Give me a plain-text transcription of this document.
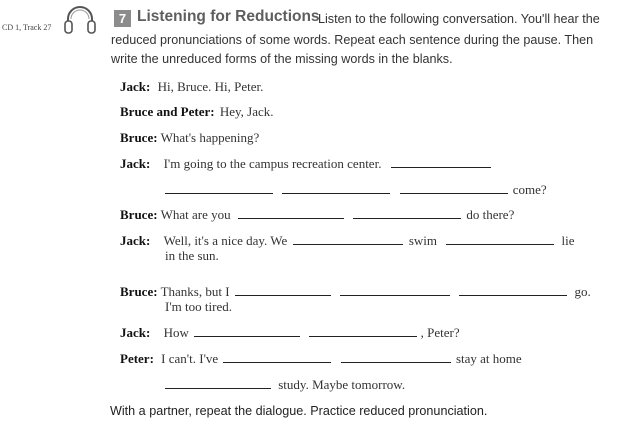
CD 1, Track 27
7 Listening for Reductions
Listen to the following conversation. You'll hear the
reduced pronunciations of some words. Repeat each sentence during the pause. Then
write the unreduced forms of the missing words in the blanks.
Jack: Hi, Bruce. Hi, Peter.
Bruce and Peter: Hey, Jack.
Bruce: What's happening?
Jack: I'm going to the campus recreation center.
come?
Bruce: What are you	do there?
Jack: Well, it's a nice day. We	swim	lie
in the sun.
Bruce: Thanks, but I	go.
I'm too tired.
Jack: How	, Peter?
Peter: I can't. I've	stay at home
study. Maybe tomorrow.
With a partner, repeat the dialogue. Practice reduced pronunciation.
